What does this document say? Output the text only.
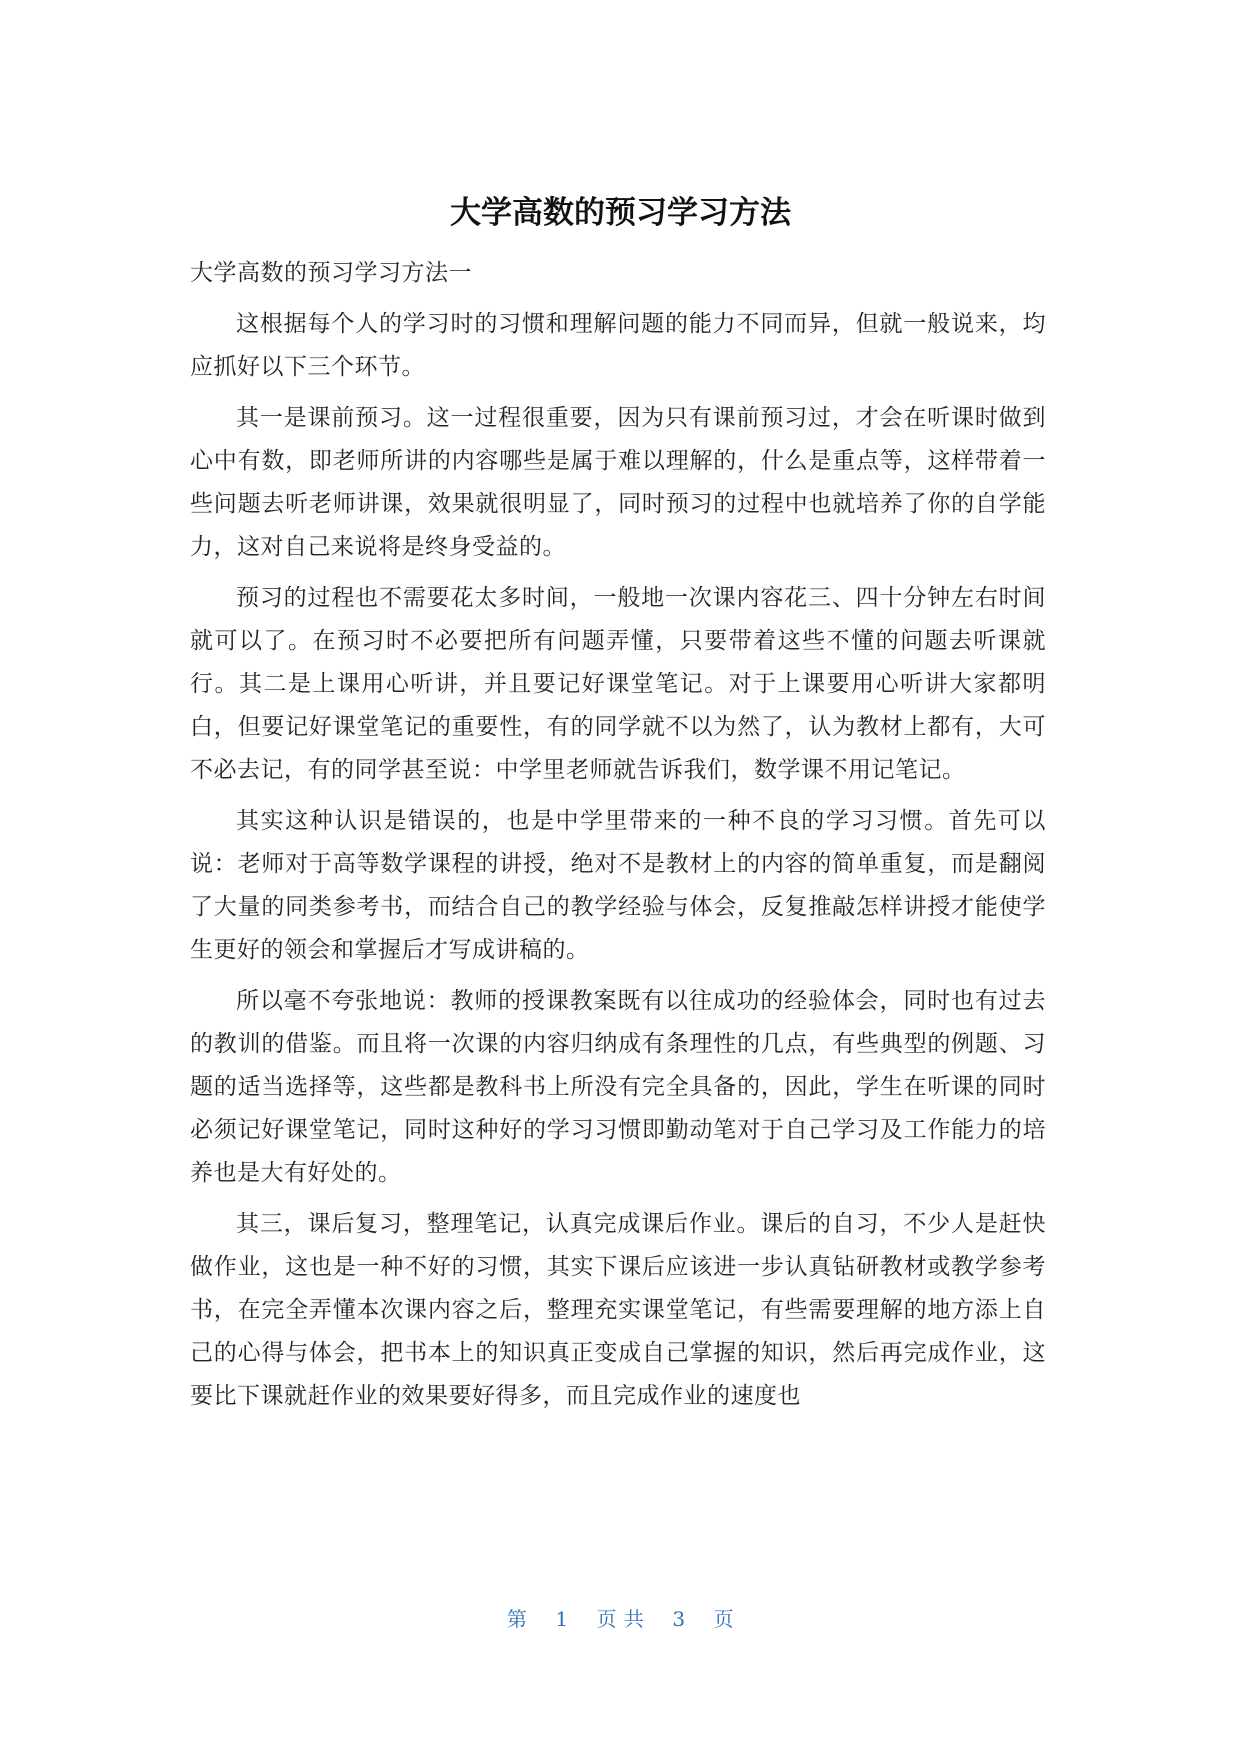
大学高数的预习学习方法

大学高数的预习学习方法一

这根据每个人的学习时的习惯和理解问题的能力不同而异，但就一般说来，均应抓好以下三个环节。

其一是课前预习。这一过程很重要，因为只有课前预习过，才会在听课时做到心中有数，即老师所讲的内容哪些是属于难以理解的，什么是重点等，这样带着一些问题去听老师讲课，效果就很明显了，同时预习的过程中也就培养了你的自学能力，这对自己来说将是终身受益的。

预习的过程也不需要花太多时间，一般地一次课内容花三、四十分钟左右时间就可以了。在预习时不必要把所有问题弄懂，只要带着这些不懂的问题去听课就行。其二是上课用心听讲，并且要记好课堂笔记。对于上课要用心听讲大家都明白，但要记好课堂笔记的重要性，有的同学就不以为然了，认为教材上都有，大可不必去记，有的同学甚至说：中学里老师就告诉我们，数学课不用记笔记。

其实这种认识是错误的，也是中学里带来的一种不良的学习习惯。首先可以说：老师对于高等数学课程的讲授，绝对不是教材上的内容的简单重复，而是翻阅了大量的同类参考书，而结合自己的教学经验与体会，反复推敲怎样讲授才能使学生更好的领会和掌握后才写成讲稿的。

所以毫不夸张地说：教师的授课教案既有以往成功的经验体会，同时也有过去的教训的借鉴。而且将一次课的内容归纳成有条理性的几点，有些典型的例题、习题的适当选择等，这些都是教科书上所没有完全具备的，因此，学生在听课的同时必须记好课堂笔记，同时这种好的学习习惯即勤动笔对于自己学习及工作能力的培养也是大有好处的。

其三，课后复习，整理笔记，认真完成课后作业。课后的自习，不少人是赶快做作业，这也是一种不好的习惯，其实下课后应该进一步认真钻研教材或教学参考书，在完全弄懂本次课内容之后，整理充实课堂笔记，有些需要理解的地方添上自己的心得与体会，把书本上的知识真正变成自己掌握的知识，然后再完成作业，这要比下课就赶作业的效果要好得多，而且完成作业的速度也

第 1 页 共 3 页
